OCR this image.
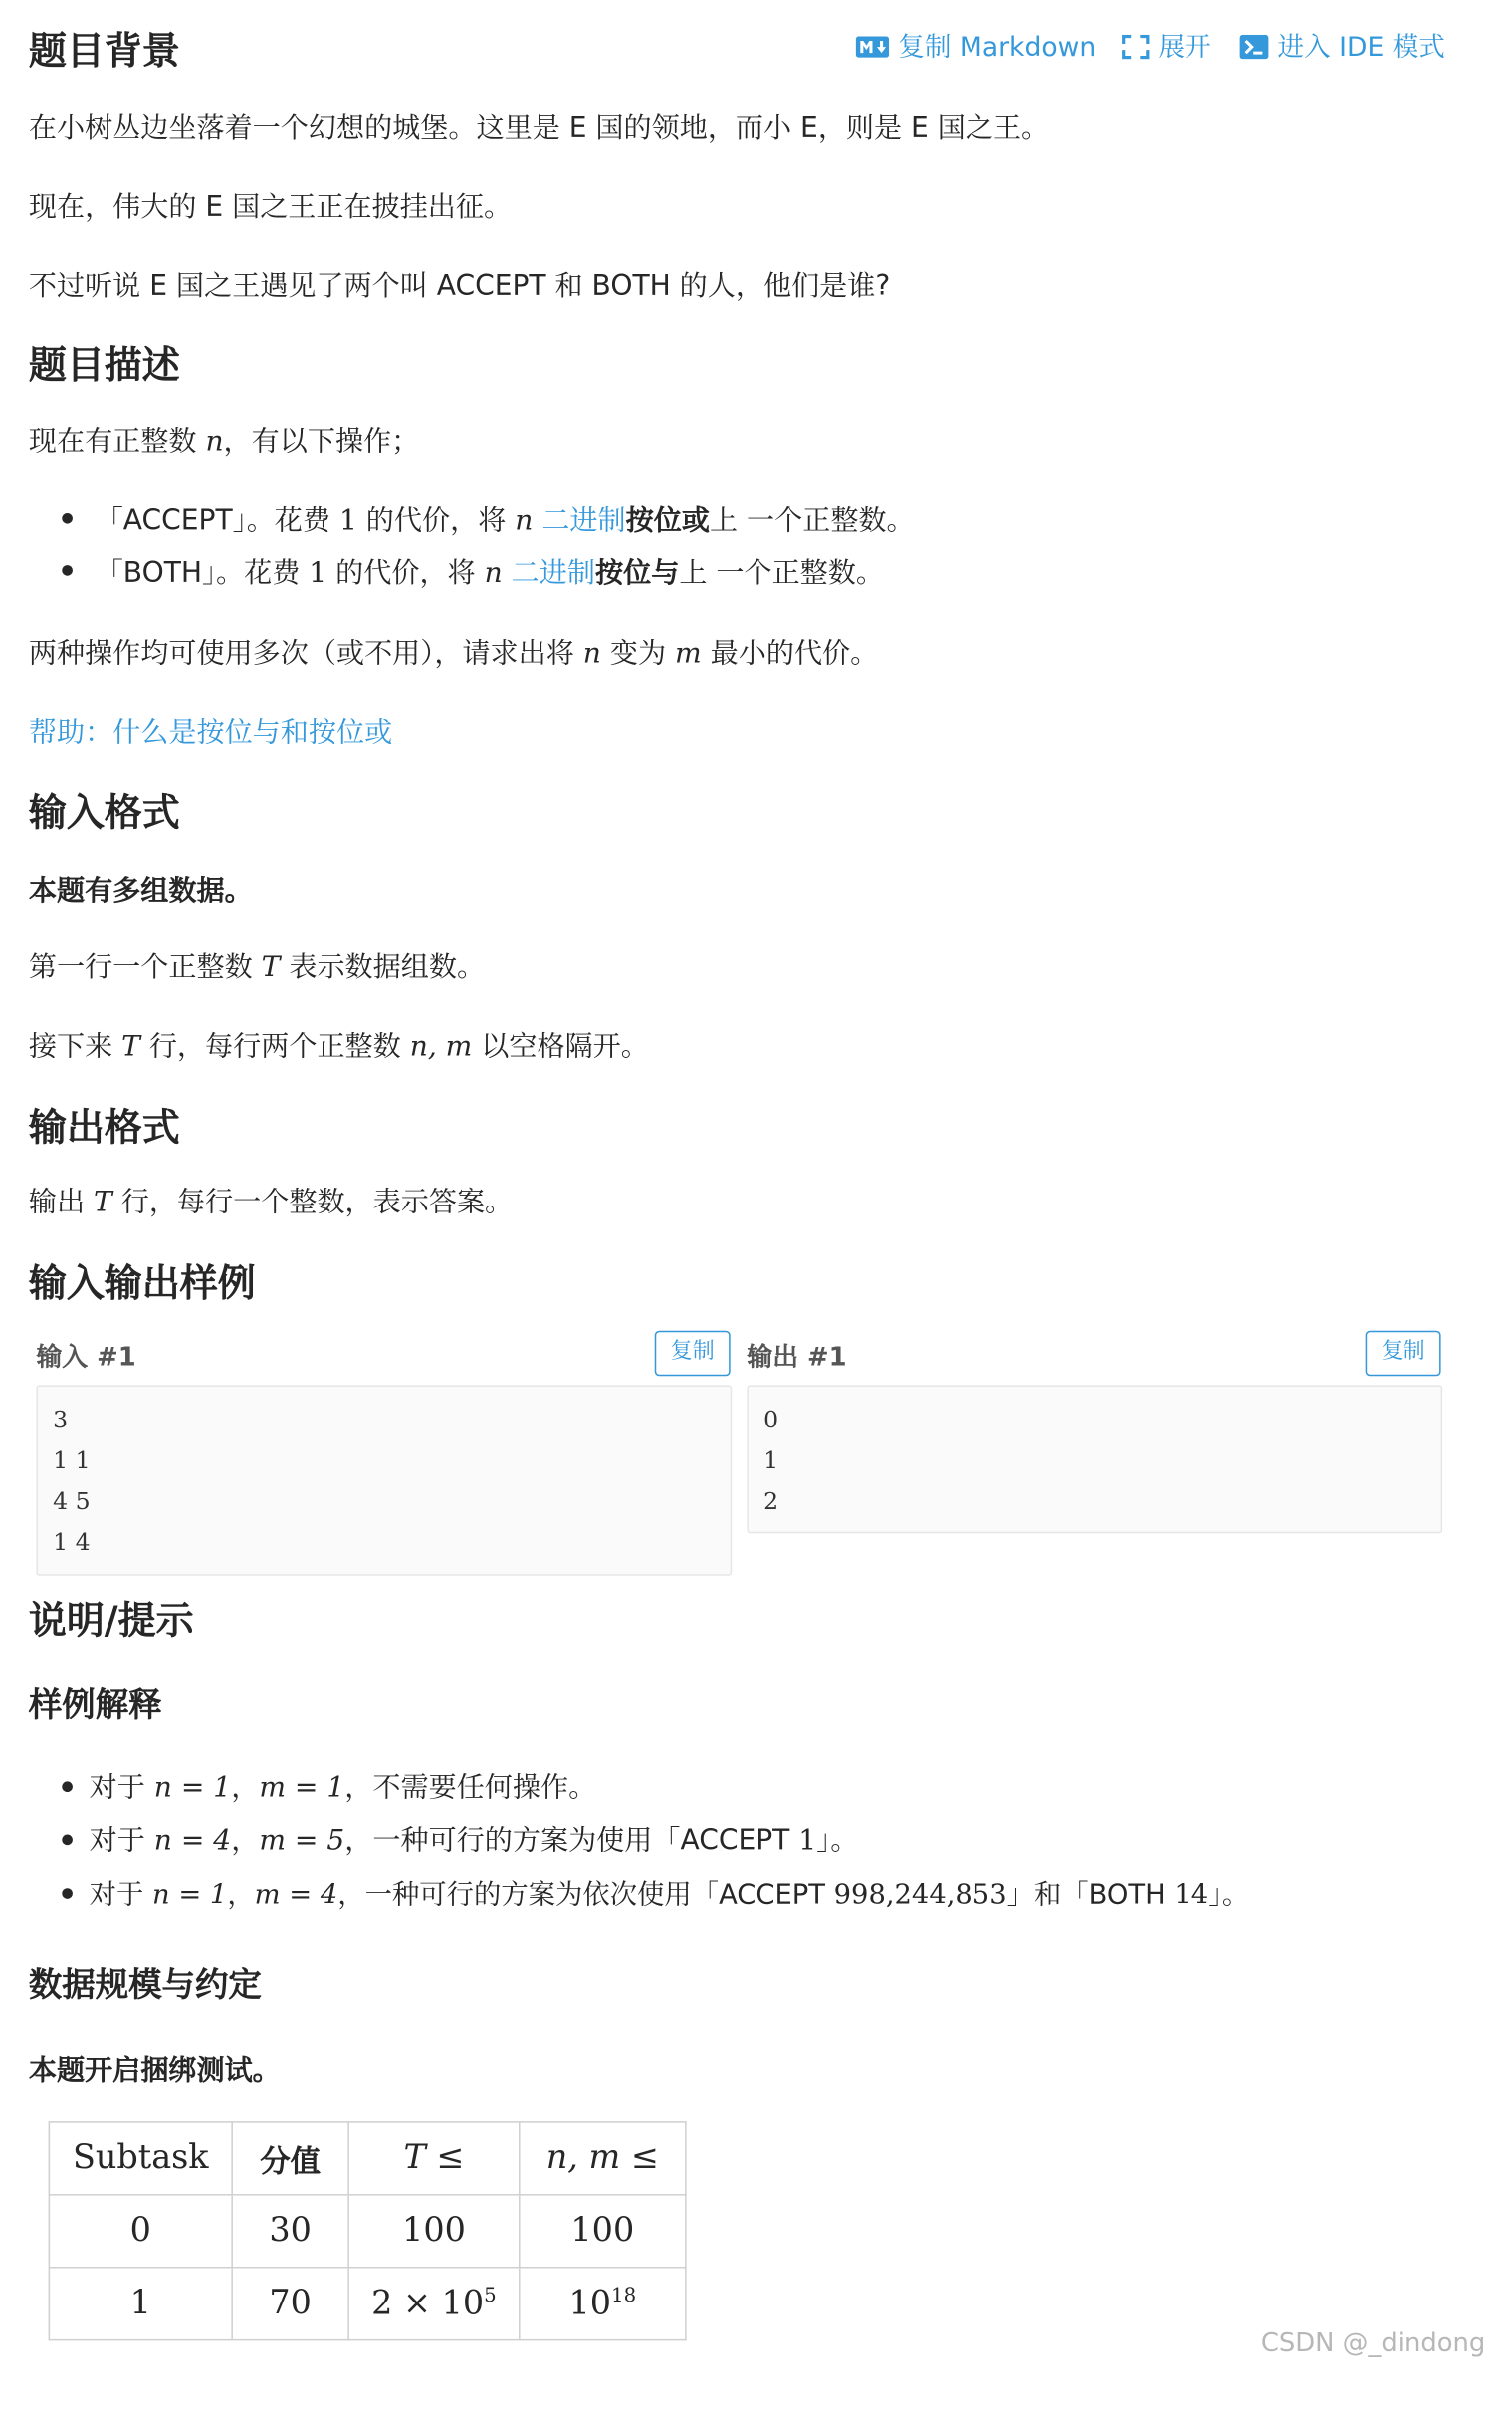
复制 Markdown	展开	进入 IDE 模式
题目背景
在小树丛边坐落着一个幻想的城堡。这里是 E 国的领地，而小 E，则是 E 国之王。
现在，伟大的 E 国之王正在披挂出征。
不过听说 E 国之王遇见了两个叫 ACCEPT 和 BOTH 的人，他们是谁?
题目描述
现在有正整数 n，有以下操作；
「ACCEPT」。花费 1 的代价，将 n 二进制按位或上 一个正整数。
「BOTH」。花费 1 的代价，将 n 二进制按位与上 一个正整数。
两种操作均可使用多次（或不用），请求出将 n 变为 m 最小的代价。
帮助：什么是按位与和按位或
输入格式
本题有多组数据。
第一行一个正整数 T 表示数据组数。
接下来 T 行，每行两个正整数 n, m 以空格隔开。
输出格式
输出 T 行，每行一个整数，表示答案。
输入输出样例
输入 #1	复制
3
1 1
4 5
1 4
输出 #1	复制
0
1
2
说明/提示
样例解释
对于 n = 1，m = 1，不需要任何操作。
对于 n = 4，m = 5，一种可行的方案为使用「ACCEPT 1」。
对于 n = 1，m = 4，一种可行的方案为依次使用「ACCEPT 998,244,853」和「BOTH 14」。
数据规模与约定
本题开启捆绑测试。
Subtask	分值	T ≤	n, m ≤
0	30	100	100
1	70	$2 \times 10^5$	$10^{18}$
CSDN @_dindong
